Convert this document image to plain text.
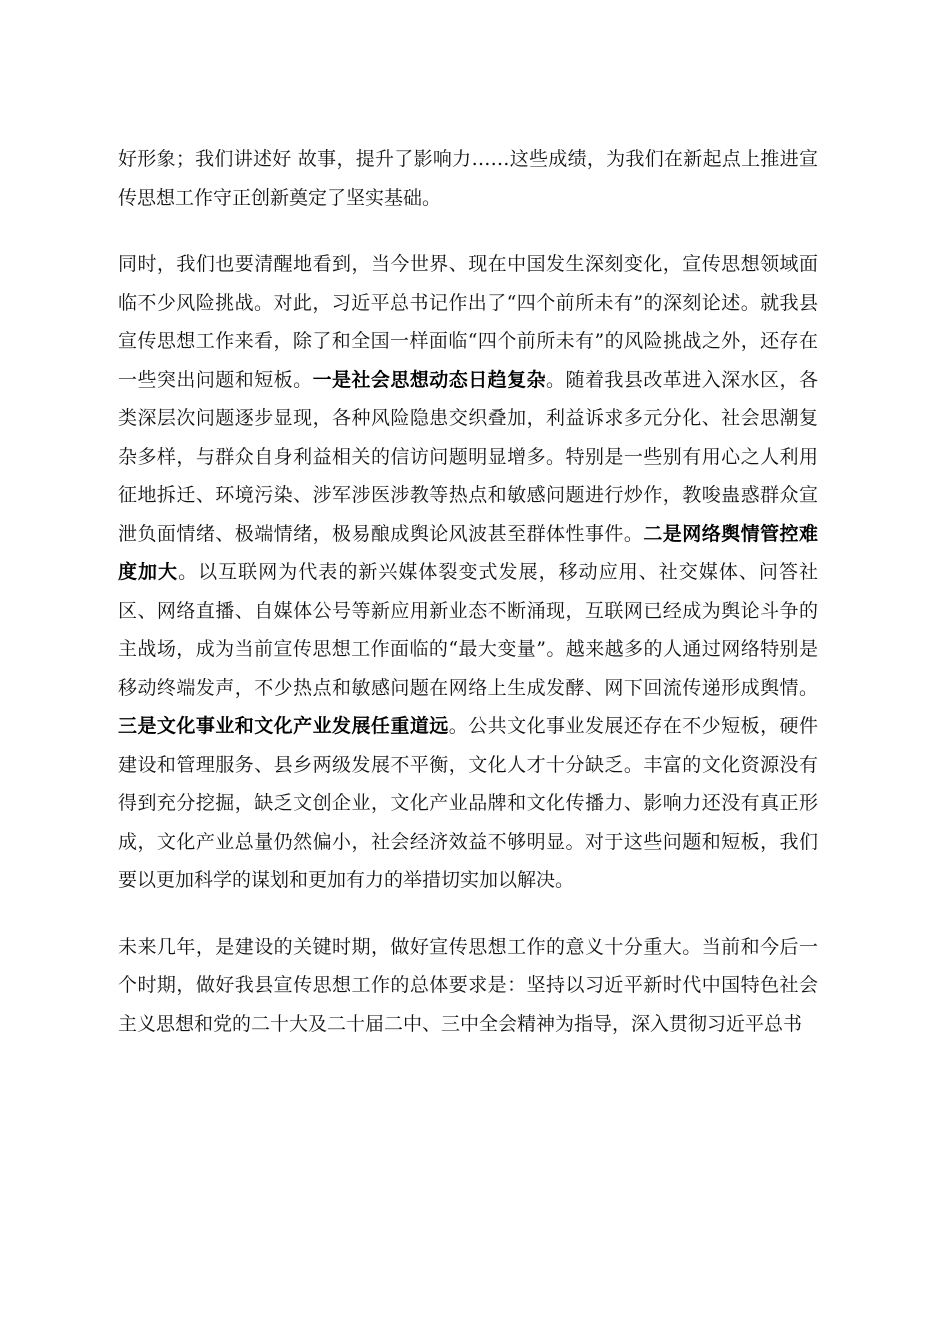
好形象；我们讲述好 故事，提升了影响力……这些成绩，为我们在新起点上推进宣传思想工作守正创新奠定了坚实基础。

同时，我们也要清醒地看到，当今世界、现在中国发生深刻变化，宣传思想领域面临不少风险挑战。对此，习近平总书记作出了“四个前所未有”的深刻论述。就我县宣传思想工作来看，除了和全国一样面临“四个前所未有”的风险挑战之外，还存在一些突出问题和短板。一是社会思想动态日趋复杂。随着我县改革进入深水区，各类深层次问题逐步显现，各种风险隐患交织叠加，利益诉求多元分化、社会思潮复杂多样，与群众自身利益相关的信访问题明显增多。特别是一些别有用心之人利用征地拆迁、环境污染、涉军涉医涉教等热点和敏感问题进行炒作，教唆蛊惑群众宣泄负面情绪、极端情绪，极易酿成舆论风波甚至群体性事件。二是网络舆情管控难度加大。以互联网为代表的新兴媒体裂变式发展，移动应用、社交媒体、问答社区、网络直播、自媒体公号等新应用新业态不断涌现，互联网已经成为舆论斗争的主战场，成为当前宣传思想工作面临的“最大变量”。越来越多的人通过网络特别是移动终端发声，不少热点和敏感问题在网络上生成发酵、网下回流传递形成舆情。三是文化事业和文化产业发展任重道远。公共文化事业发展还存在不少短板，硬件建设和管理服务、县乡两级发展不平衡，文化人才十分缺乏。丰富的文化资源没有得到充分挖掘，缺乏文创企业，文化产业品牌和文化传播力、影响力还没有真正形成，文化产业总量仍然偏小，社会经济效益不够明显。对于这些问题和短板，我们要以更加科学的谋划和更加有力的举措切实加以解决。

未来几年，是建设的关键时期，做好宣传思想工作的意义十分重大。当前和今后一个时期，做好我县宣传思想工作的总体要求是：坚持以习近平新时代中国特色社会主义思想和党的二十大及二十届二中、三中全会精神为指导，深入贯彻习近平总书
